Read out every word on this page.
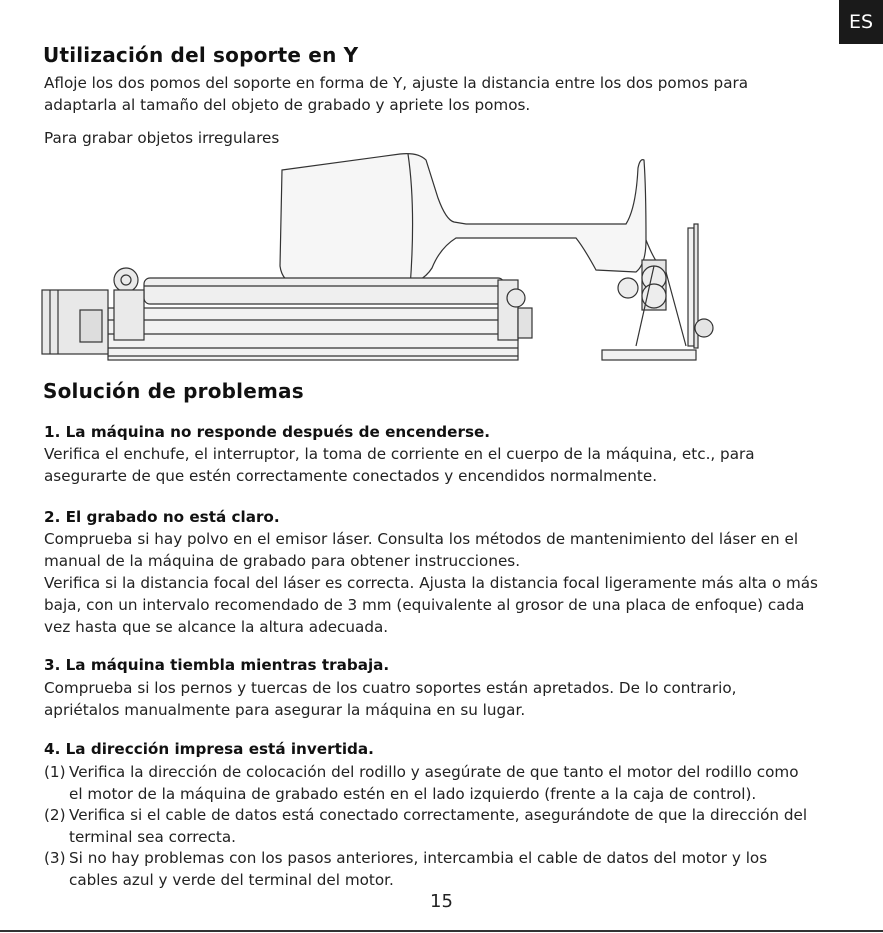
ES
Utilización del soporte en Y
Afloje los dos pomos del soporte en forma de Y, ajuste la distancia entre los dos pomos para
adaptarla al tamaño del objeto de grabado y apriete los pomos.
Para grabar objetos irregulares
Solución de problemas
1. La máquina no responde después de encenderse.
Verifica el enchufe, el interruptor, la toma de corriente en el cuerpo de la máquina, etc., para
asegurarte de que estén correctamente conectados y encendidos normalmente.
2. El grabado no está claro.
Comprueba si hay polvo en el emisor láser. Consulta los métodos de mantenimiento del láser en el
manual de la máquina de grabado para obtener instrucciones.
Verifica si la distancia focal del láser es correcta. Ajusta la distancia focal ligeramente más alta o más
baja, con un intervalo recomendado de 3 mm (equivalente al grosor de una placa de enfoque) cada
vez hasta que se alcance la altura adecuada.
3. La máquina tiembla mientras trabaja.
Comprueba si los pernos y tuercas de los cuatro soportes están apretados. De lo contrario,
apriétalos manualmente para asegurar la máquina en su lugar.
4. La dirección impresa está invertida.
(1) Verifica la dirección de colocación del rodillo y asegúrate de que tanto el motor del rodillo como
el motor de la máquina de grabado estén en el lado izquierdo (frente a la caja de control).
(2) Verifica si el cable de datos está conectado correctamente, asegurándote de que la dirección del
terminal sea correcta.
(3) Si no hay problemas con los pasos anteriores, intercambia el cable de datos del motor y los
cables azul y verde del terminal del motor.
15
